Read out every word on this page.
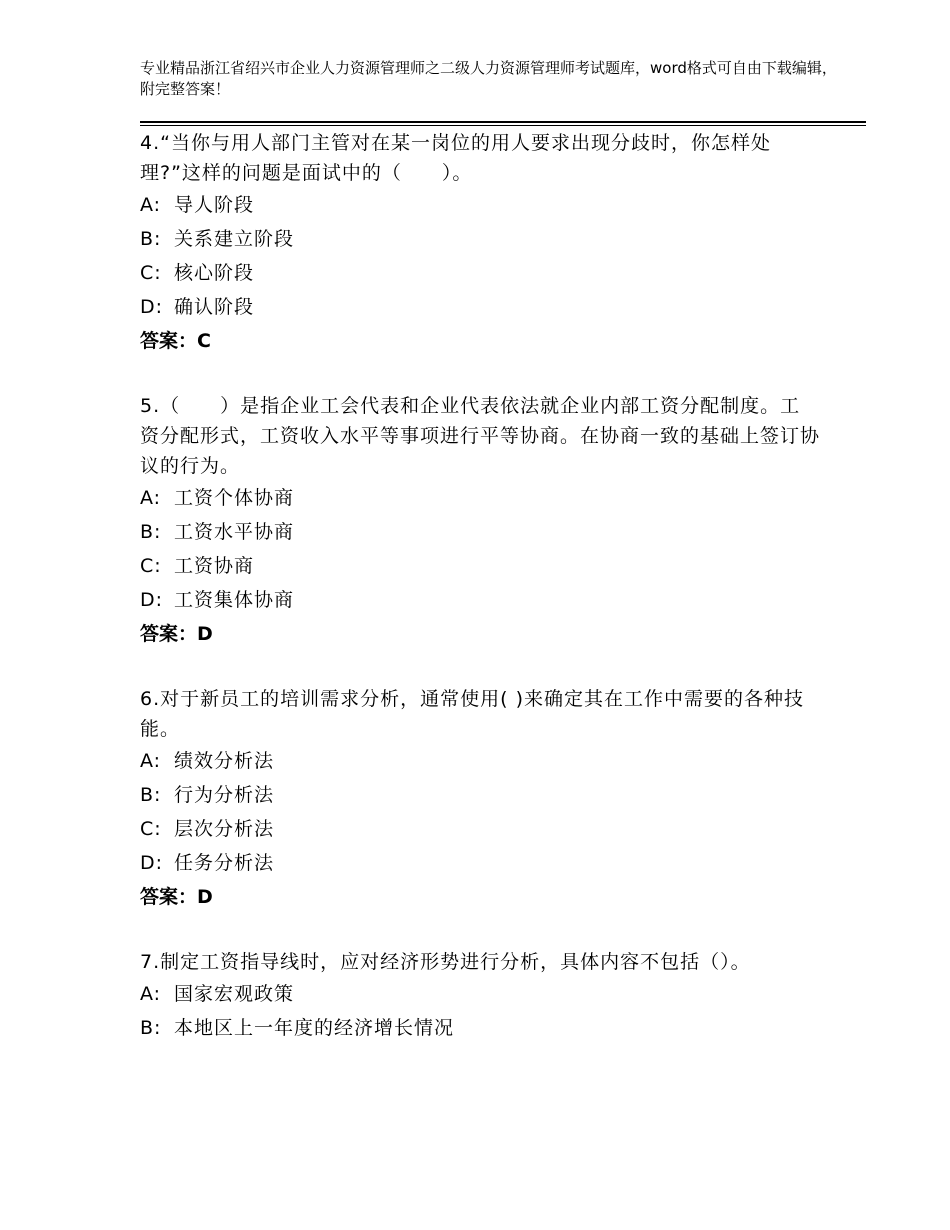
专业精品浙江省绍兴市企业人力资源管理师之二级人力资源管理师考试题库，word格式可自由下载编辑，附完整答案！
4.“当你与用人部门主管对在某一岗位的用人要求出现分歧时，你怎样处理?”这样的问题是面试中的（　　）。
A: 导人阶段
B: 关系建立阶段
C: 核心阶段
D: 确认阶段
答案：C
5.（　　）是指企业工会代表和企业代表依法就企业内部工资分配制度。工资分配形式，工资收入水平等事项进行平等协商。在协商一致的基础上签订协议的行为。
A: 工资个体协商
B: 工资水平协商
C: 工资协商
D: 工资集体协商
答案：D
6.对于新员工的培训需求分析，通常使用( )来确定其在工作中需要的各种技能。
A: 绩效分析法
B: 行为分析法
C: 层次分析法
D: 任务分析法
答案：D
7.制定工资指导线时，应对经济形势进行分析，具体内容不包括（）。
A: 国家宏观政策
B: 本地区上一年度的经济增长情况
